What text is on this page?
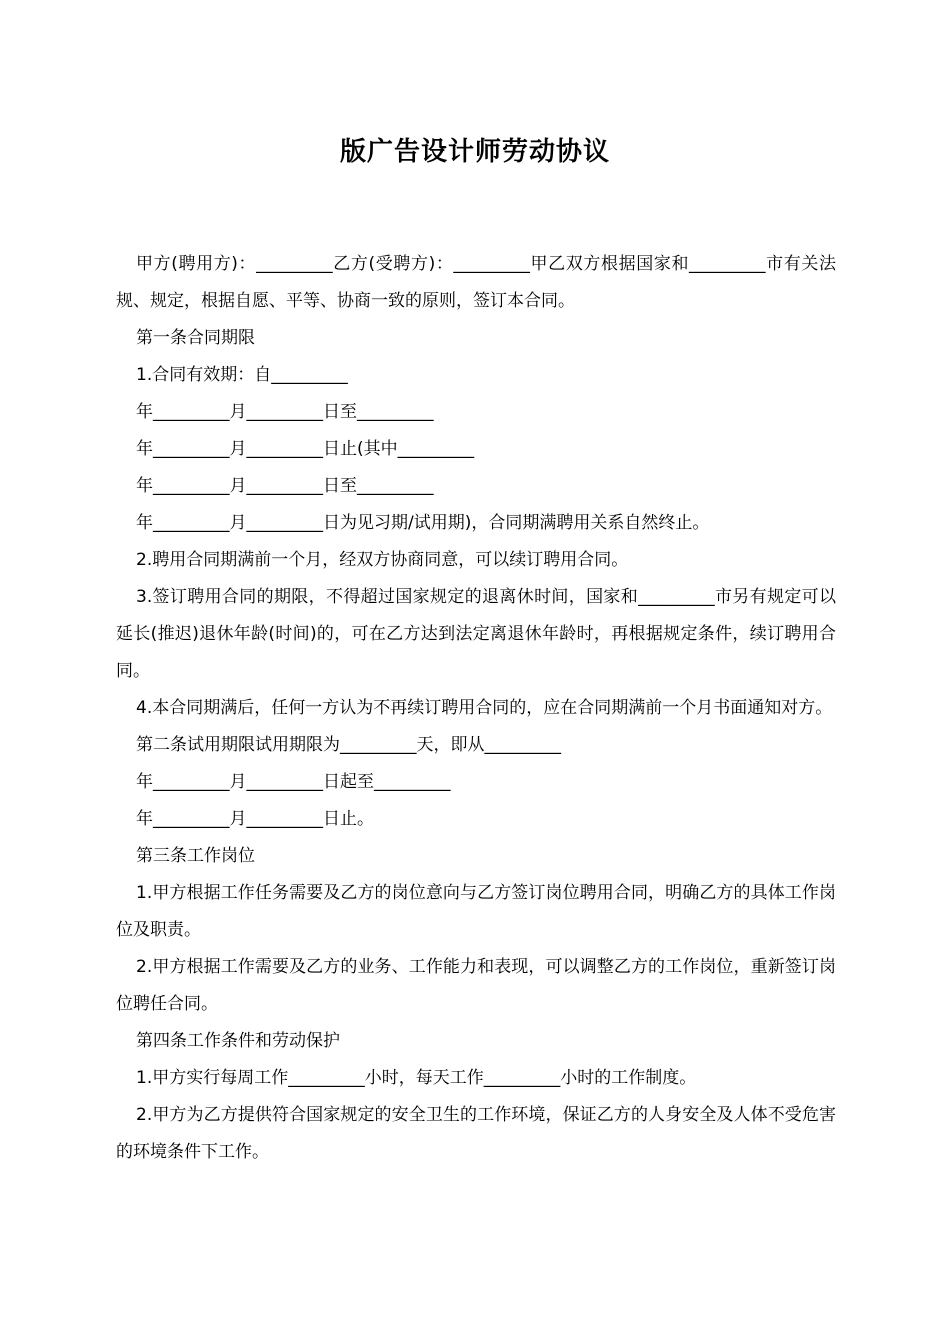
版广告设计师劳动协议

甲方(聘用方)：_________乙方(受聘方)：_________甲乙双方根据国家和_________市有关法规、规定，根据自愿、平等、协商一致的原则，签订本合同。

第一条合同期限

1.合同有效期：自_________

年_________月_________日至_________

年_________月_________日止(其中_________

年_________月_________日至_________

年_________月_________日为见习期/试用期)，合同期满聘用关系自然终止。

2.聘用合同期满前一个月，经双方协商同意，可以续订聘用合同。

3.签订聘用合同的期限，不得超过国家规定的退离休时间，国家和_________市另有规定可以延长(推迟)退休年龄(时间)的，可在乙方达到法定离退休年龄时，再根据规定条件，续订聘用合同。

4.本合同期满后，任何一方认为不再续订聘用合同的，应在合同期满前一个月书面通知对方。

第二条试用期限试用期限为_________天，即从_________

年_________月_________日起至_________

年_________月_________日止。

第三条工作岗位

1.甲方根据工作任务需要及乙方的岗位意向与乙方签订岗位聘用合同，明确乙方的具体工作岗位及职责。

2.甲方根据工作需要及乙方的业务、工作能力和表现，可以调整乙方的工作岗位，重新签订岗位聘任合同。

第四条工作条件和劳动保护

1.甲方实行每周工作_________小时，每天工作_________小时的工作制度。

2.甲方为乙方提供符合国家规定的安全卫生的工作环境，保证乙方的人身安全及人体不受危害的环境条件下工作。
